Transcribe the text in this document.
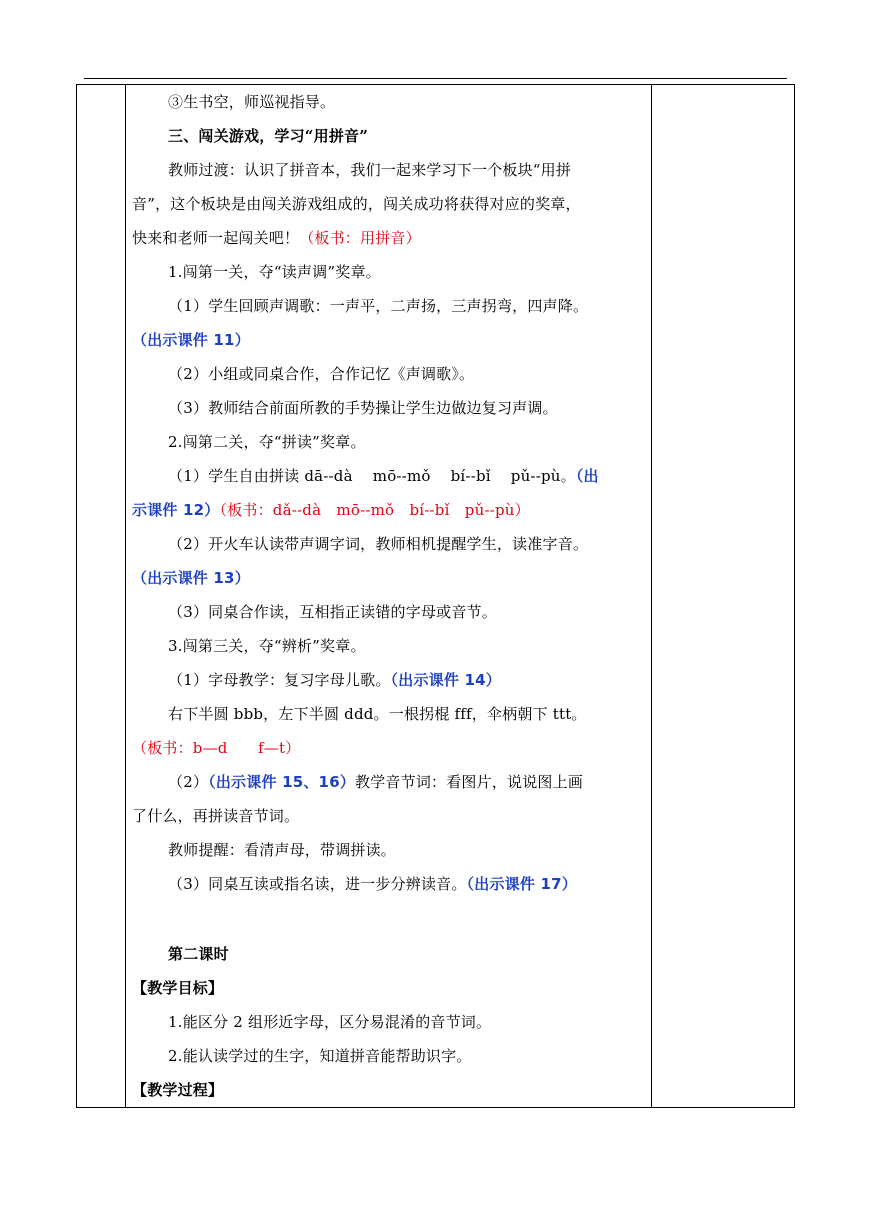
③生书空，师巡视指导。
三、闯关游戏，学习“用拼音”
教师过渡：认识了拼音本，我们一起来学习下一个板块“用拼
音”，这个板块是由闯关游戏组成的，闯关成功将获得对应的奖章，
快来和老师一起闯关吧！（板书：用拼音）
1.闯第一关，夺“读声调”奖章。
（1）学生回顾声调歌：一声平，二声扬，三声拐弯，四声降。
（出示课件 11）
（2）小组或同桌合作，合作记忆《声调歌》。
（3）教师结合前面所教的手势操让学生边做边复习声调。
2.闯第二关，夺“拼读”奖章。
（1）学生自由拼读 dā--dà mō--mǒ bí--bǐ pǔ--pù。（出
示课件 12）（板书：dǎ--dà　mō--mǒ　bí--bǐ　pǔ--pù）
（2）开火车认读带声调字词，教师相机提醒学生，读准字音。
（出示课件 13）
（3）同桌合作读，互相指正读错的字母或音节。
3.闯第三关，夺“辨析”奖章。
（1）字母教学：复习字母儿歌。（出示课件 14）
右下半圆 bbb，左下半圆 ddd。一根拐棍 fff，伞柄朝下 ttt。
（板书：b—d　　f—t）
（2）（出示课件 15、16）教学音节词：看图片，说说图上画
了什么，再拼读音节词。
教师提醒：看清声母，带调拼读。
（3）同桌互读或指名读，进一步分辨读音。（出示课件 17）
第二课时
【教学目标】
1.能区分 2 组形近字母，区分易混淆的音节词。
2.能认读学过的生字，知道拼音能帮助识字。
【教学过程】
